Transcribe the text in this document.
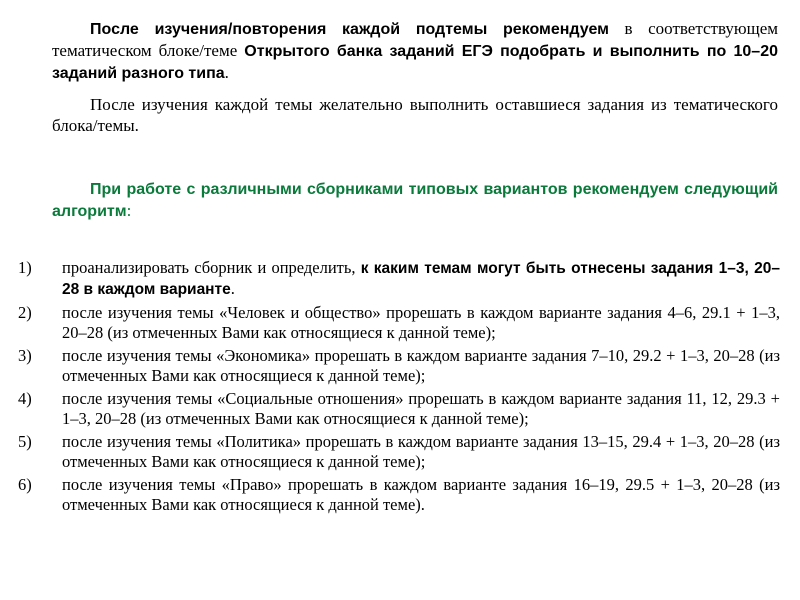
После изучения/повторения каждой подтемы рекомендуем в соответствующем тематическом блоке/теме Открытого банка заданий ЕГЭ подобрать и выполнить по 10–20 заданий разного типа.

После изучения каждой темы желательно выполнить оставшиеся задания из тематического блока/темы.

При работе с различными сборниками типовых вариантов рекомендуем следующий алгоритм:

1) проанализировать сборник и определить, к каким темам могут быть отнесены задания 1–3, 20–28 в каждом варианте.
2) после изучения темы «Человек и общество» прорешать в каждом варианте задания 4–6, 29.1 + 1–3, 20–28 (из отмеченных Вами как относящиеся к данной теме);
3) после изучения темы «Экономика» прорешать в каждом варианте задания 7–10, 29.2 + 1–3, 20–28 (из отмеченных Вами как относящиеся к данной теме);
4) после изучения темы «Социальные отношения» прорешать в каждом варианте задания 11, 12, 29.3 + 1–3, 20–28 (из отмеченных Вами как относящиеся к данной теме);
5) после изучения темы «Политика» прорешать в каждом варианте задания 13–15, 29.4 + 1–3, 20–28 (из отмеченных Вами как относящиеся к данной теме);
6) после изучения темы «Право» прорешать в каждом варианте задания 16–19, 29.5 + 1–3, 20–28 (из отмеченных Вами как относящиеся к данной теме).
